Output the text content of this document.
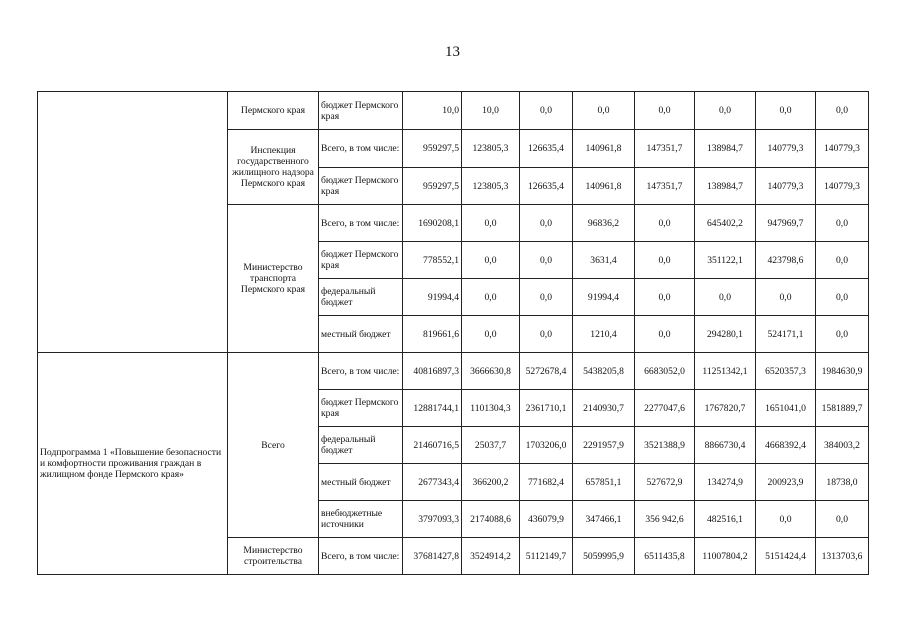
13
	Пермского края	бюджет Пермского края	10,0	10,0	0,0	0,0	0,0	0,0	0,0	0,0
	Инспекция государственного жилищного надзора Пермского края	Всего, в том числе:	959297,5	123805,3	126635,4	140961,8	147351,7	138984,7	140779,3	140779,3
		бюджет Пермского края	959297,5	123805,3	126635,4	140961,8	147351,7	138984,7	140779,3	140779,3
	Министерство транспорта Пермского края	Всего, в том числе:	1690208,1	0,0	0,0	96836,2	0,0	645402,2	947969,7	0,0
		бюджет Пермского края	778552,1	0,0	0,0	3631,4	0,0	351122,1	423798,6	0,0
		федеральный бюджет	91994,4	0,0	0,0	91994,4	0,0	0,0	0,0	0,0
		местный бюджет	819661,6	0,0	0,0	1210,4	0,0	294280,1	524171,1	0,0
Подпрограмма 1 «Повышение безопасности и комфортности проживания граждан в жилищном фонде Пермского края»	Всего	Всего, в том числе:	40816897,3	3666630,8	5272678,4	5438205,8	6683052,0	11251342,1	6520357,3	1984630,9
		бюджет Пермского края	12881744,1	1101304,3	2361710,1	2140930,7	2277047,6	1767820,7	1651041,0	1581889,7
		федеральный бюджет	21460716,5	25037,7	1703206,0	2291957,9	3521388,9	8866730,4	4668392,4	384003,2
		местный бюджет	2677343,4	366200,2	771682,4	657851,1	527672,9	134274,9	200923,9	18738,0
		внебюджетные источники	3797093,3	2174088,6	436079,9	347466,1	356 942,6	482516,1	0,0	0,0
	Министерство строительства	Всего, в том числе:	37681427,8	3524914,2	5112149,7	5059995,9	6511435,8	11007804,2	5151424,4	1313703,6
